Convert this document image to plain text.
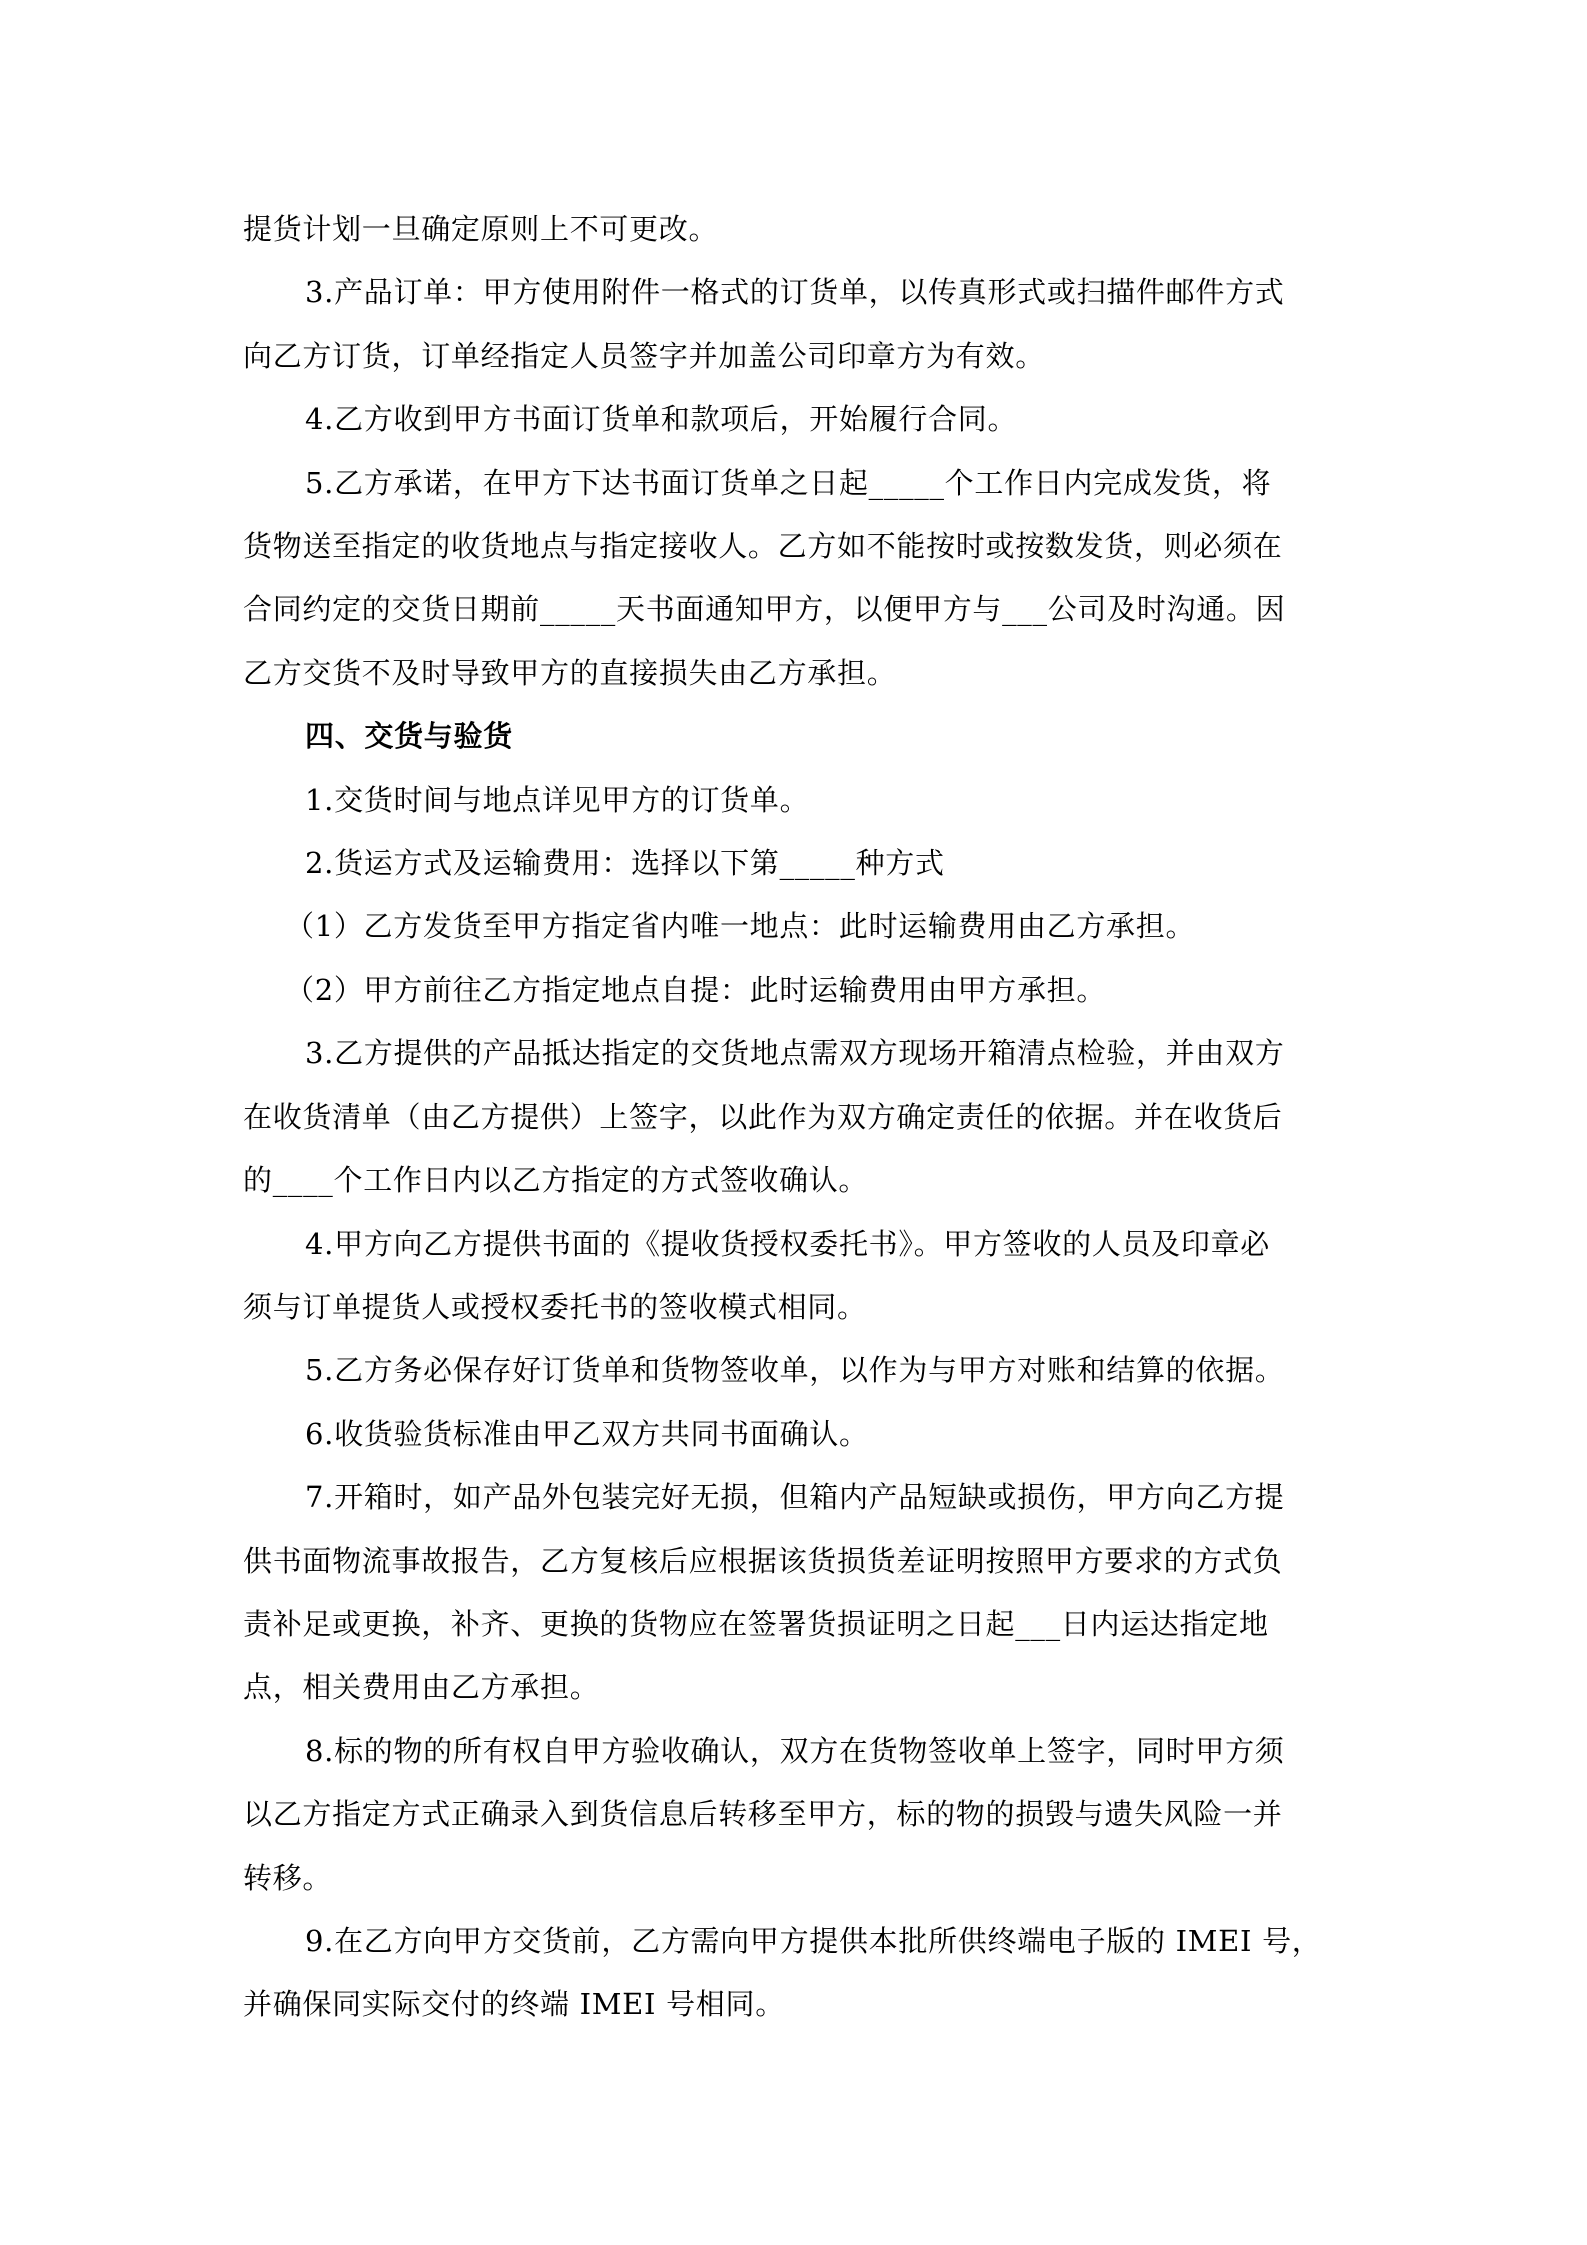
提货计划一旦确定原则上不可更改。

3.产品订单：甲方使用附件一格式的订货单，以传真形式或扫描件邮件方式
向乙方订货，订单经指定人员签字并加盖公司印章方为有效。

4.乙方收到甲方书面订货单和款项后，开始履行合同。

5.乙方承诺，在甲方下达书面订货单之日起_____个工作日内完成发货，将
货物送至指定的收货地点与指定接收人。乙方如不能按时或按数发货，则必须在
合同约定的交货日期前_____天书面通知甲方，以便甲方与___公司及时沟通。因
乙方交货不及时导致甲方的直接损失由乙方承担。

四、交货与验货

1.交货时间与地点详见甲方的订货单。

2.货运方式及运输费用：选择以下第_____种方式

（1）乙方发货至甲方指定省内唯一地点：此时运输费用由乙方承担。

（2）甲方前往乙方指定地点自提：此时运输费用由甲方承担。

3.乙方提供的产品抵达指定的交货地点需双方现场开箱清点检验，并由双方
在收货清单（由乙方提供）上签字，以此作为双方确定责任的依据。并在收货后
的____个工作日内以乙方指定的方式签收确认。

4.甲方向乙方提供书面的《提收货授权委托书》。甲方签收的人员及印章必
须与订单提货人或授权委托书的签收模式相同。

5.乙方务必保存好订货单和货物签收单，以作为与甲方对账和结算的依据。

6.收货验货标准由甲乙双方共同书面确认。

7.开箱时，如产品外包装完好无损，但箱内产品短缺或损伤，甲方向乙方提
供书面物流事故报告，乙方复核后应根据该货损货差证明按照甲方要求的方式负
责补足或更换，补齐、更换的货物应在签署货损证明之日起___日内运达指定地
点，相关费用由乙方承担。

8.标的物的所有权自甲方验收确认，双方在货物签收单上签字，同时甲方须
以乙方指定方式正确录入到货信息后转移至甲方，标的物的损毁与遗失风险一并
转移。

9.在乙方向甲方交货前，乙方需向甲方提供本批所供终端电子版的 IMEI 号，
并确保同实际交付的终端 IMEI 号相同。
